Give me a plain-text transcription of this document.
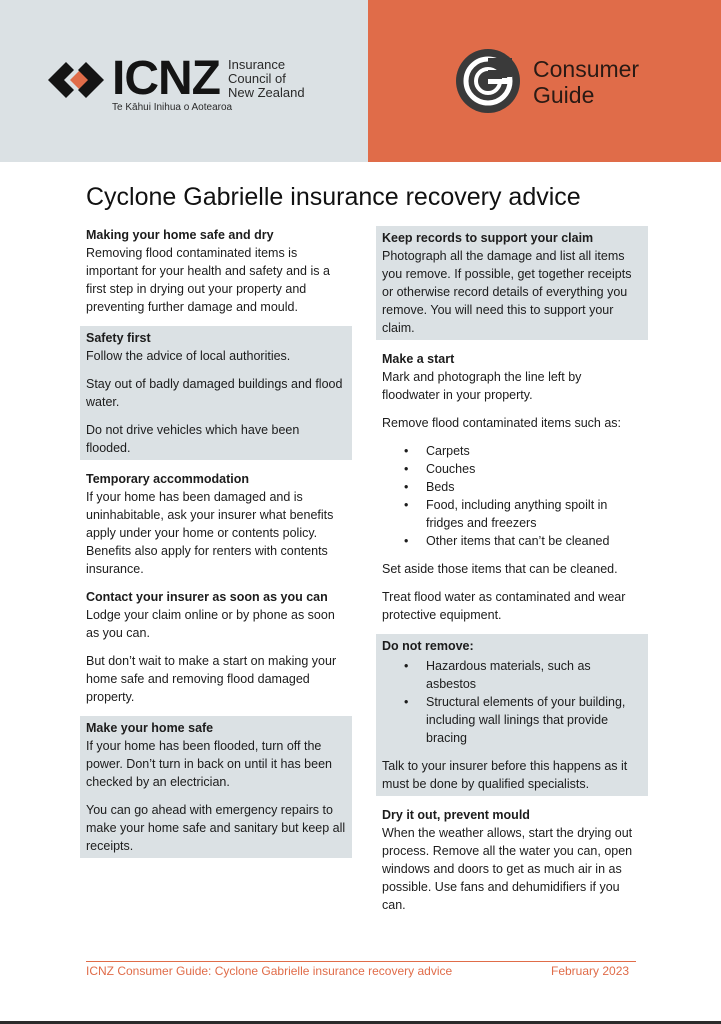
ICNZ Insurance
Council of
New Zealand
Te Kāhui Inihua o Aotearoa
Consumer
Guide
Cyclone Gabrielle insurance recovery advice
Making your home safe and dry

Removing flood contaminated items is important for your health and safety and is a first step in drying out your property and preventing further damage and mould.

Safety first

Follow the advice of local authorities.

Stay out of badly damaged buildings and flood water.

Do not drive vehicles which have been flooded.

Temporary accommodation

If your home has been damaged and is uninhabitable, ask your insurer what benefits apply under your home or contents policy. Benefits also apply for renters with contents insurance.

Contact your insurer as soon as you can

Lodge your claim online or by phone as soon as you can.

But don’t wait to make a start on making your home safe and removing flood damaged property.

Make your home safe

If your home has been flooded, turn off the power. Don’t turn in back on until it has been checked by an electrician.

You can go ahead with emergency repairs to make your home safe and sanitary but keep all receipts.

Keep records to support your claim

Photograph all the damage and list all items you remove. If possible, get together receipts or otherwise record details of everything you remove. You will need this to support your claim.

Make a start

Mark and photograph the line left by floodwater in your property.

Remove flood contaminated items such as:

• Carpets
• Couches
• Beds
• Food, including anything spoilt in fridges and freezers
• Other items that can’t be cleaned

Set aside those items that can be cleaned.

Treat flood water as contaminated and wear protective equipment.

Do not remove:
• Hazardous materials, such as asbestos
• Structural elements of your building, including wall linings that provide bracing

Talk to your insurer before this happens as it must be done by qualified specialists.

Dry it out, prevent mould

When the weather allows, start the drying out process. Remove all the water you can, open windows and doors to get as much air in as possible. Use fans and dehumidifiers if you can.

ICNZ Consumer Guide: Cyclone Gabrielle insurance recovery advice	February 2023
